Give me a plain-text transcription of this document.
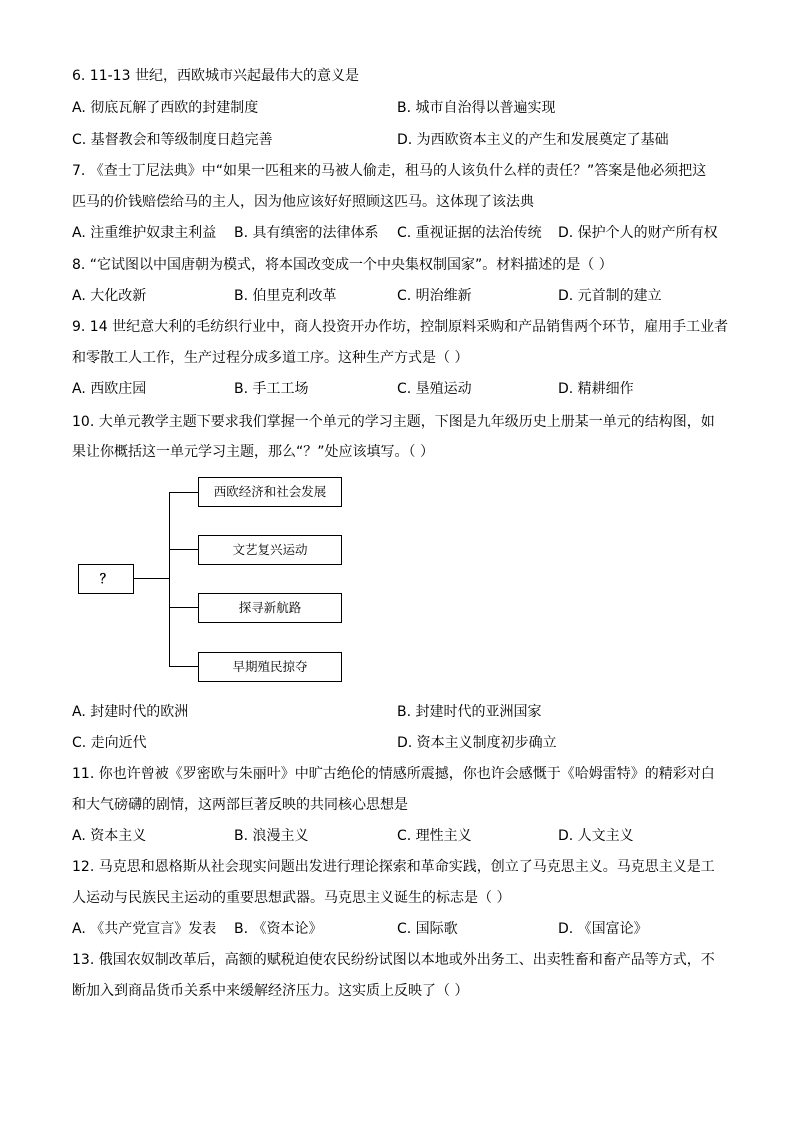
6. 11-13 世纪，西欧城市兴起最伟大的意义是
A. 彻底瓦解了西欧的封建制度	B. 城市自治得以普遍实现
C. 基督教会和等级制度日趋完善	D. 为西欧资本主义的产生和发展奠定了基础
7. 《查士丁尼法典》中“如果一匹租来的马被人偷走，租马的人该负什么样的责任？”答案是他必须把这
匹马的价钱赔偿给马的主人，因为他应该好好照顾这匹马。这体现了该法典
A. 注重维护奴隶主利益 B. 具有缜密的法律体系 C. 重视证据的法治传统 D. 保护个人的财产所有权
8. “它试图以中国唐朝为模式，将本国改变成一个中央集权制国家”。材料描述的是（ ）
A. 大化改新	B. 伯里克利改革	C. 明治维新	D. 元首制的建立
9. 14 世纪意大利的毛纺织行业中，商人投资开办作坊，控制原料采购和产品销售两个环节，雇用手工业者
和零散工人工作，生产过程分成多道工序。这种生产方式是（ ）
A. 西欧庄园	B. 手工工场	C. 垦殖运动	D. 精耕细作
10. 大单元教学主题下要求我们掌握一个单元的学习主题，下图是九年级历史上册某一单元的结构图，如
果让你概括这一单元学习主题，那么“？”处应该填写。（ ）
？
西欧经济和社会发展
文艺复兴运动
探寻新航路
早期殖民掠夺
A. 封建时代的欧洲	B. 封建时代的亚洲国家
C. 走向近代	D. 资本主义制度初步确立
11. 你也许曾被《罗密欧与朱丽叶》中旷古绝伦的情感所震撼，你也许会感慨于《哈姆雷特》的精彩对白
和大气磅礴的剧情，这两部巨著反映的共同核心思想是
A. 资本主义	B. 浪漫主义	C. 理性主义	D. 人文主义
12. 马克思和恩格斯从社会现实问题出发进行理论探索和革命实践，创立了马克思主义。马克思主义是工
人运动与民族民主运动的重要思想武器。马克思主义诞生的标志是（ ）
A. 《共产党宣言》发表 B. 《资本论》	C. 国际歌	D. 《国富论》
13. 俄国农奴制改革后，高额的赋税迫使农民纷纷试图以本地或外出务工、出卖牲畜和畜产品等方式，不
断加入到商品货币关系中来缓解经济压力。这实质上反映了（ ）
